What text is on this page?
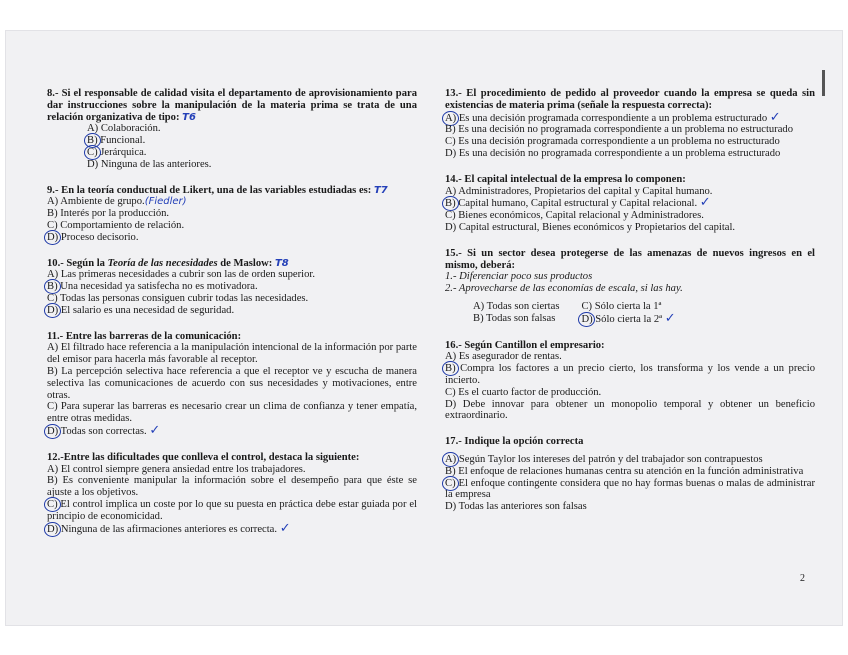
8.- Si el responsable de calidad visita el departamento de aprovisionamiento para dar instrucciones sobre la manipulación de la materia prima se trata de una relación organizativa de tipo: T6
A) Colaboración.
B) Funcional.
C) Jerárquica.
D) Ninguna de las anteriores.
9.- En la teoría conductual de Likert, una de las variables estudiadas es: T7
A) Ambiente de grupo.(Fiedler)
B) Interés por la producción.
C) Comportamiento de relación.
D) Proceso decisorio.
10.- Según la Teoría de las necesidades de Maslow: T8
A) Las primeras necesidades a cubrir son las de orden superior.
B) Una necesidad ya satisfecha no es motivadora.
C) Todas las personas consiguen cubrir todas las necesidades.
D) El salario es una necesidad de seguridad.
11.- Entre las barreras de la comunicación:
A) El filtrado hace referencia a la manipulación intencional de la información por parte del emisor para hacerla más favorable al receptor.
B) La percepción selectiva hace referencia a que el receptor ve y escucha de manera selectiva las comunicaciones de acuerdo con sus necesidades y motivaciones, entre otras.
C) Para superar las barreras es necesario crear un clima de confianza y tener empatía, entre otras medidas.
D) Todas son correctas. ✓
12.-Entre las dificultades que conlleva el control, destaca la siguiente:
A) El control siempre genera ansiedad entre los trabajadores.
B) Es conveniente manipular la información sobre el desempeño para que éste se ajuste a los objetivos.
C) El control implica un coste por lo que su puesta en práctica debe estar guiada por el principio de economicidad.
D) Ninguna de las afirmaciones anteriores es correcta. ✓
13.- El procedimiento de pedido al proveedor cuando la empresa se queda sin existencias de materia prima (señale la respuesta correcta):
A) Es una decisión programada correspondiente a un problema estructurado ✓
B) Es una decisión no programada correspondiente a un problema no estructurado
C) Es una decisión programada correspondiente a un problema no estructurado
D) Es una decisión no programada correspondiente a un problema estructurado
14.- El capital intelectual de la empresa lo componen:
A) Administradores, Propietarios del capital y Capital humano.
B) Capital humano, Capital estructural y Capital relacional. ✓
C) Bienes económicos, Capital relacional y Administradores.
D) Capital estructural, Bienes económicos y Propietarios del capital.
15.- Si un sector desea protegerse de las amenazas de nuevos ingresos en el mismo, deberá:
1.- Diferenciar poco sus productos
2.- Aprovecharse de las economías de escala, si las hay.
A) Todas son ciertas
B) Todas son falsas
C) Sólo cierta la 1ª
D) Sólo cierta la 2ª ✓
16.- Según Cantillon el empresario:
A) Es asegurador de rentas.
B) Compra los factores a un precio cierto, los transforma y los vende a un precio incierto.
C) Es el cuarto factor de producción.
D) Debe innovar para obtener un monopolio temporal y obtener un beneficio extraordinario.
17.- Indique la opción correcta
A) Según Taylor los intereses del patrón y del trabajador son contrapuestos
B) El enfoque de relaciones humanas centra su atención en la función administrativa
C) El enfoque contingente considera que no hay formas buenas o malas de administrar la empresa
D) Todas las anteriores son falsas
2
